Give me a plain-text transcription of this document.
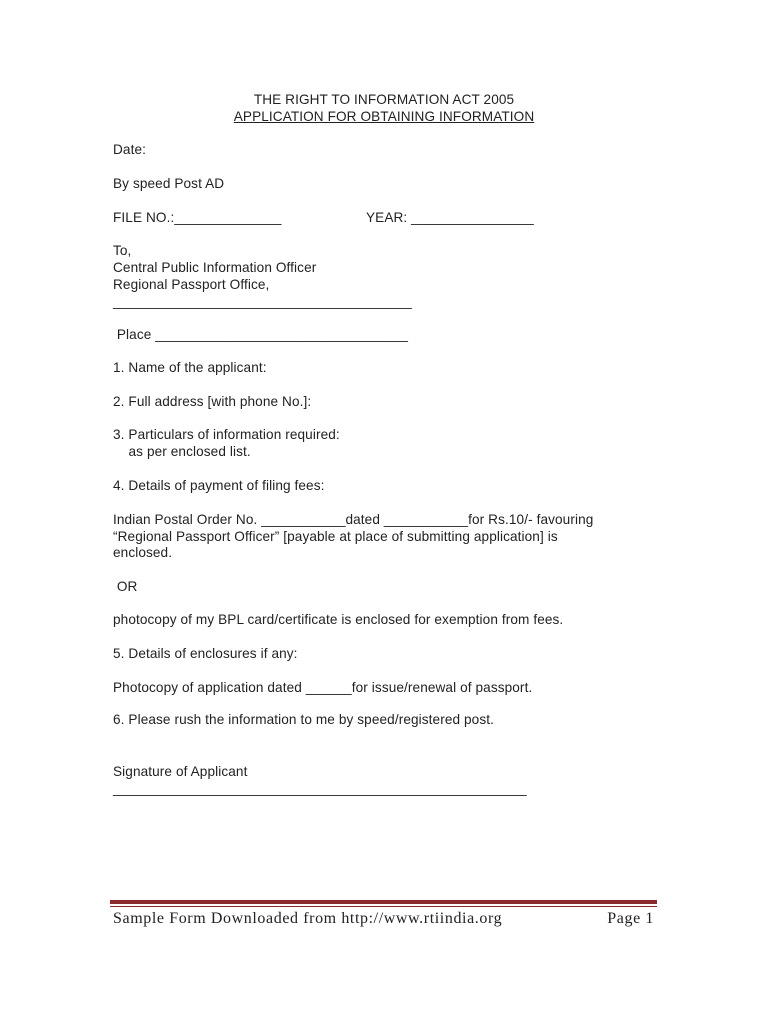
THE RIGHT TO INFORMATION ACT 2005
APPLICATION FOR OBTAINING INFORMATION
Date:
By speed Post AD
FILE NO.:______________	YEAR: ________________
To,
Central Public Information Officer
Regional Passport Office,
_______________________________________
Place _________________________________
1. Name of the applicant:
2. Full address [with phone No.]:
3. Particulars of information required:
as per enclosed list.
4. Details of payment of filing fees:
Indian Postal Order No. ___________dated ___________for Rs.10/- favouring
“Regional Passport Officer” [payable at place of submitting application] is
enclosed.
OR
photocopy of my BPL card/certificate is enclosed for exemption from fees.
5. Details of enclosures if any:
Photocopy of application dated ______for issue/renewal of passport.
6. Please rush the information to me by speed/registered post.
Signature of Applicant
______________________________________________________
Sample Form Downloaded from http://www.rtiindia.org	Page 1
